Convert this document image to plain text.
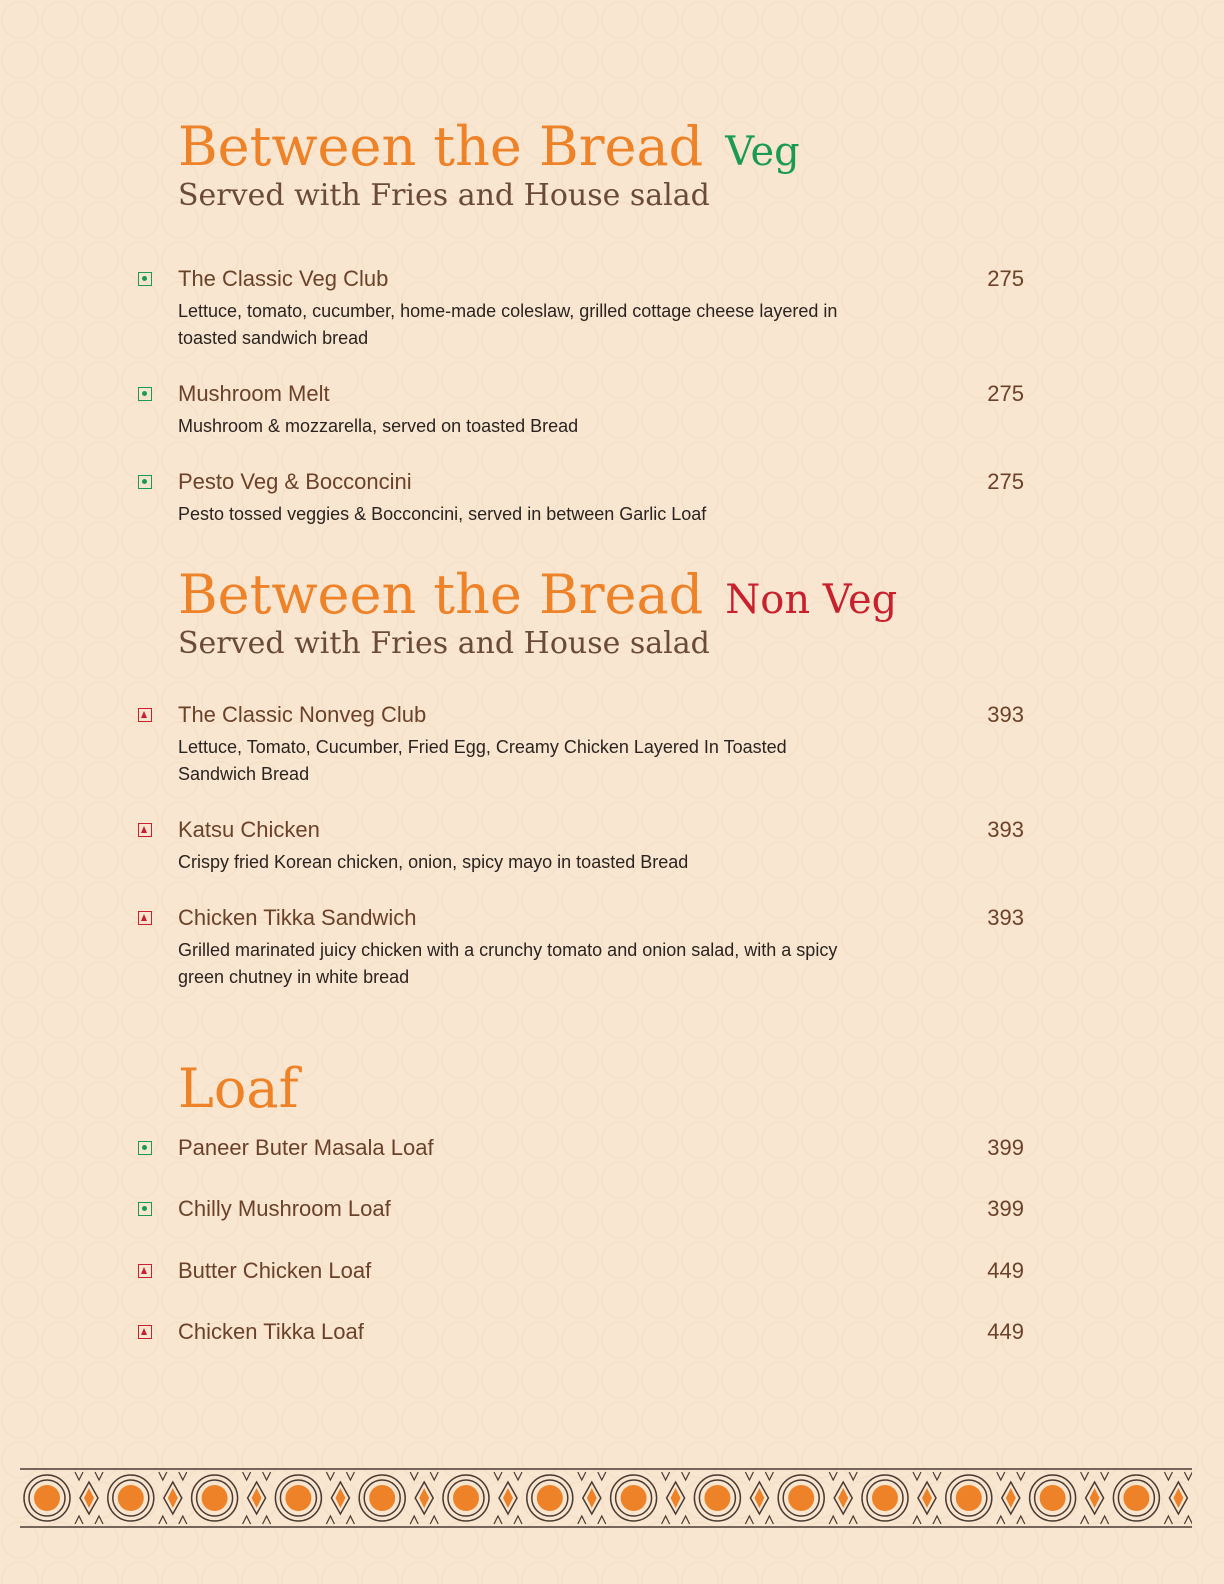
Between the Bread Veg
Served with Fries and House salad
The Classic Veg Club	275
Lettuce, tomato, cucumber, home-made coleslaw, grilled cottage cheese layered in toasted sandwich bread
Mushroom Melt	275
Mushroom & mozzarella, served on toasted Bread
Pesto Veg & Bocconcini	275
Pesto tossed veggies & Bocconcini, served in between Garlic Loaf
Between the Bread Non Veg
Served with Fries and House salad
The Classic Nonveg Club	393
Lettuce, Tomato, Cucumber, Fried Egg, Creamy Chicken Layered In Toasted Sandwich Bread
Katsu Chicken	393
Crispy fried Korean chicken, onion, spicy mayo in toasted Bread
Chicken Tikka Sandwich	393
Grilled marinated juicy chicken with a crunchy tomato and onion salad, with a spicy green chutney in white bread
Loaf
Paneer Buter Masala Loaf	399
Chilly Mushroom Loaf	399
Butter Chicken Loaf	449
Chicken Tikka Loaf	449
